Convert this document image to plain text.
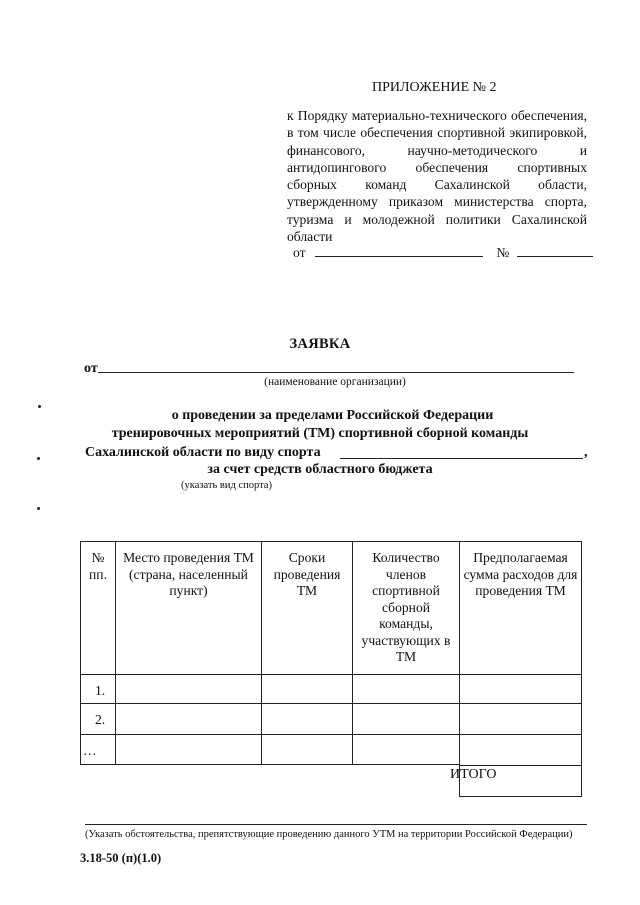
ПРИЛОЖЕНИЕ № 2
к Порядку материально-технического обеспечения, в том числе обеспечения спортивной экипировкой, финансового, научно-методического и антидопингового обеспечения спортивных сборных команд Сахалинской области, утвержденному приказом министерства спорта, туризма и молодежной политики Сахалинской области
от	№
ЗАЯВКА
от
(наименование организации)
о проведении за пределами Российской Федерации
тренировочных мероприятий (ТМ) спортивной сборной команды
Сахалинской области по виду спорта	,
за счет средств областного бюджета
(указать вид спорта)
№ пп.
Место проведения ТМ (страна, населенный пункт)
Сроки проведения ТМ
Количество членов спортивной сборной команды, участвующих в ТМ
Предполагаемая сумма расходов для проведения ТМ
1.
2.
…
ИТОГО
(Указать обстоятельства, препятствующие проведению данного УТМ на территории Российской Федерации)
3.18-50 (п)(1.0)
